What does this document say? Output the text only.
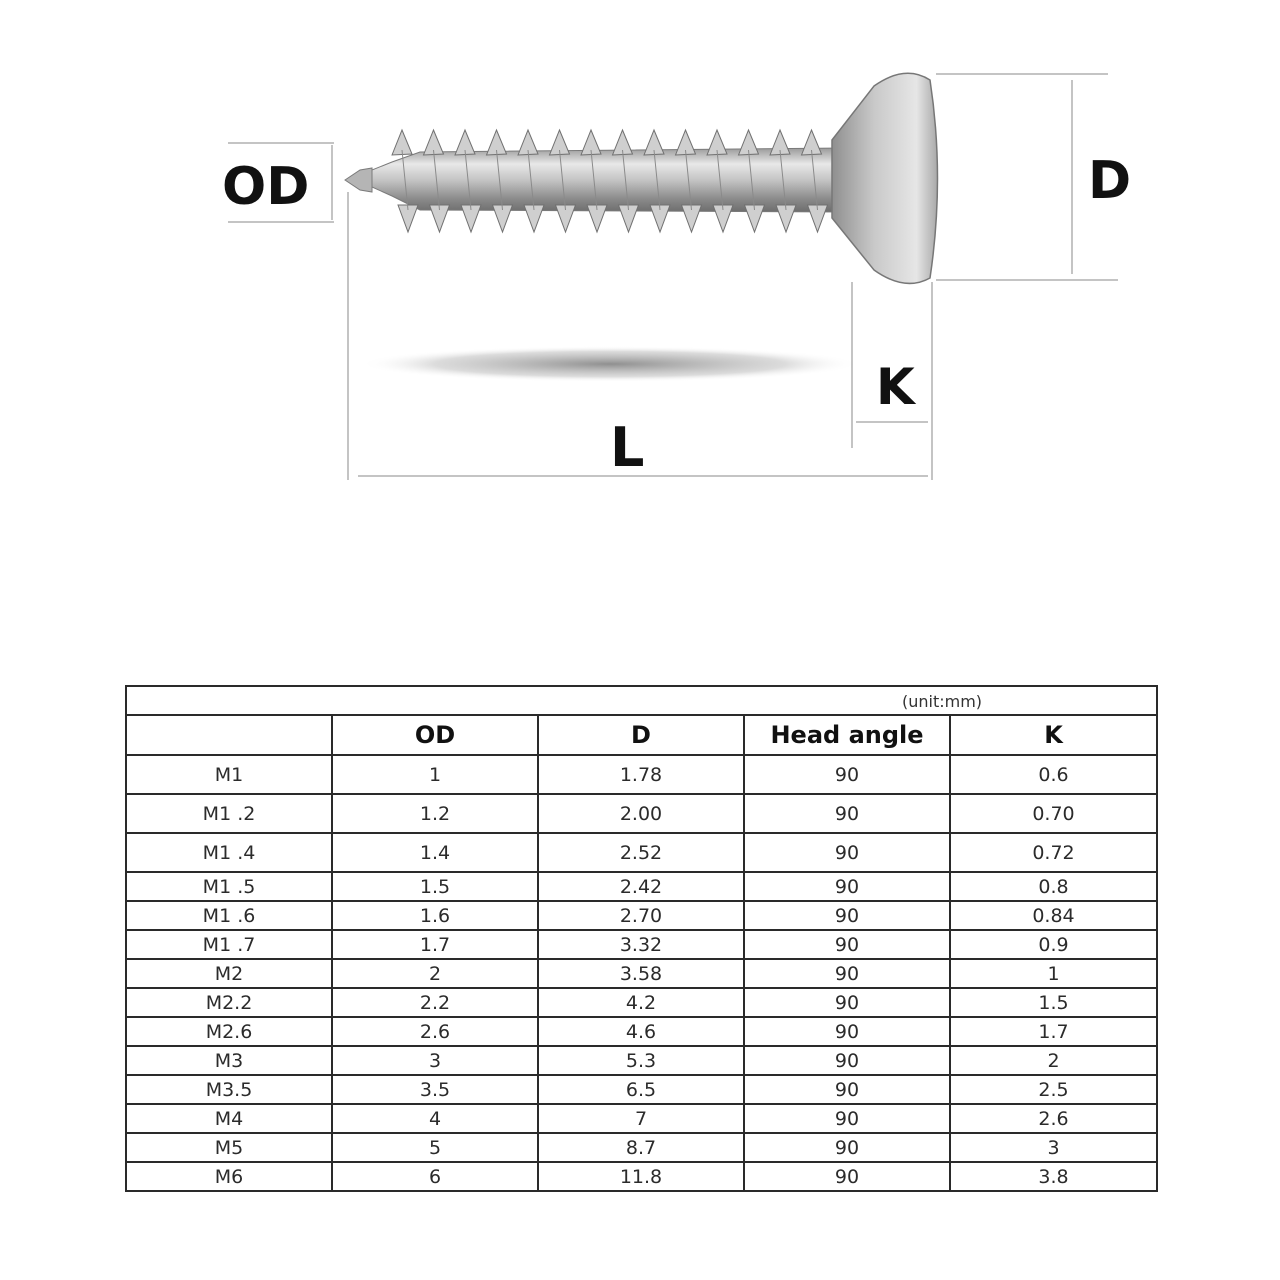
OD	D
K
L
(unit:mm)				
	OD	D	Head angle	K
M1	1	1.78	90	0.6
M1 .2	1.2	2.00	90	0.70
M1 .4	1.4	2.52	90	0.72
M1 .5	1.5	2.42	90	0.8
M1 .6	1.6	2.70	90	0.84
M1 .7	1.7	3.32	90	0.9
M2	2	3.58	90	1
M2.2	2.2	4.2	90	1.5
M2.6	2.6	4.6	90	1.7
M3	3	5.3	90	2
M3.5	3.5	6.5	90	2.5
M4	4	7	90	2.6
M5	5	8.7	90	3
M6	6	11.8	90	3.8
